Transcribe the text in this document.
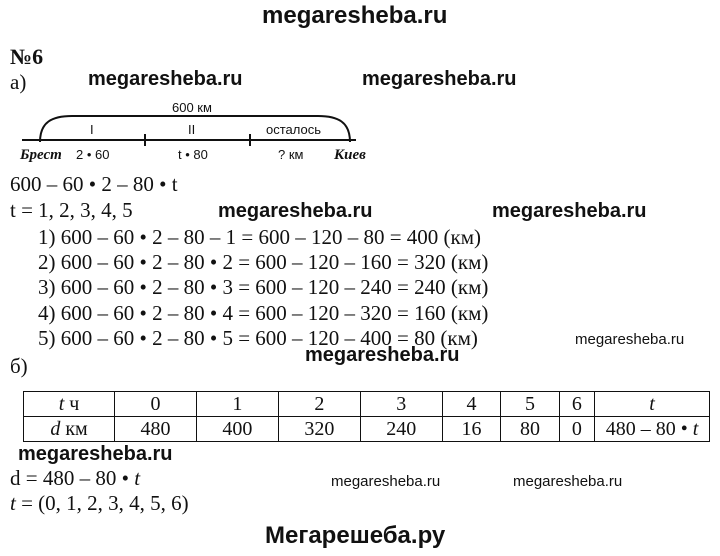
megaresheba.ru
megaresheba.ru	megaresheba.ru
megaresheba.ru	megaresheba.ru
megaresheba.ru
megaresheba.ru
megaresheba.ru
megaresheba.ru	megaresheba.ru
Мегарешеба.ру
№6
а)
600 км
I	II	осталось
Брест 2 • 60	t • 80	? км Киев
600 – 60 • 2 – 80 • t
t = 1, 2, 3, 4, 5
1) 600 – 60 • 2 – 80 – 1 = 600 – 120 – 80 = 400 (км)
2) 600 – 60 • 2 – 80 • 2 = 600 – 120 – 160 = 320 (км)
3) 600 – 60 • 2 – 80 • 3 = 600 – 120 – 240 = 240 (км)
4) 600 – 60 • 2 – 80 • 4 = 600 – 120 – 320 = 160 (км)
5) 600 – 60 • 2 – 80 • 5 = 600 – 120 – 400 = 80 (км)
б)
t ч	0	1	2	3	4	5	6	t
d км	480	400	320	240	16	80	0	480 – 80 • t
d = 480 – 80 • t
t = (0, 1, 2, 3, 4, 5, 6)
